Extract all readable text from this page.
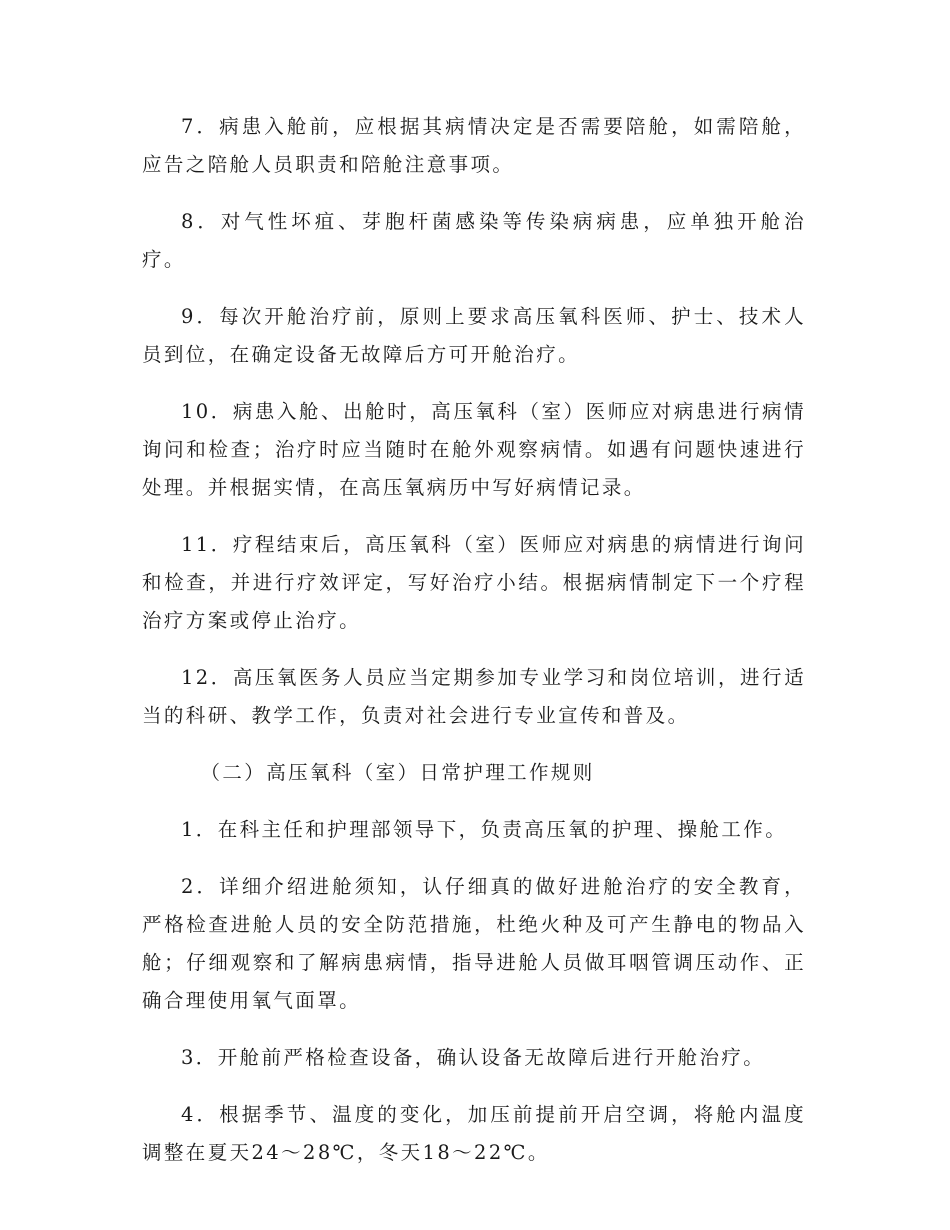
7．病患入舱前，应根据其病情决定是否需要陪舱，如需陪舱，应告之陪舱人员职责和陪舱注意事项。

8．对气性坏疽、芽胞杆菌感染等传染病病患，应单独开舱治疗。

9．每次开舱治疗前，原则上要求高压氧科医师、护士、技术人员到位，在确定设备无故障后方可开舱治疗。

10．病患入舱、出舱时，高压氧科（室）医师应对病患进行病情询问和检查；治疗时应当随时在舱外观察病情。如遇有问题快速进行处理。并根据实情，在高压氧病历中写好病情记录。

11．疗程结束后，高压氧科（室）医师应对病患的病情进行询问和检查，并进行疗效评定，写好治疗小结。根据病情制定下一个疗程治疗方案或停止治疗。

12．高压氧医务人员应当定期参加专业学习和岗位培训，进行适当的科研、教学工作，负责对社会进行专业宣传和普及。

（二）高压氧科（室）日常护理工作规则

1．在科主任和护理部领导下，负责高压氧的护理、操舱工作。

2．详细介绍进舱须知，认仔细真的做好进舱治疗的安全教育，严格检查进舱人员的安全防范措施，杜绝火种及可产生静电的物品入舱；仔细观察和了解病患病情，指导进舱人员做耳咽管调压动作、正确合理使用氧气面罩。

3．开舱前严格检查设备，确认设备无故障后进行开舱治疗。

4．根据季节、温度的变化，加压前提前开启空调，将舱内温度调整在夏天24～28℃，冬天18～22℃。
